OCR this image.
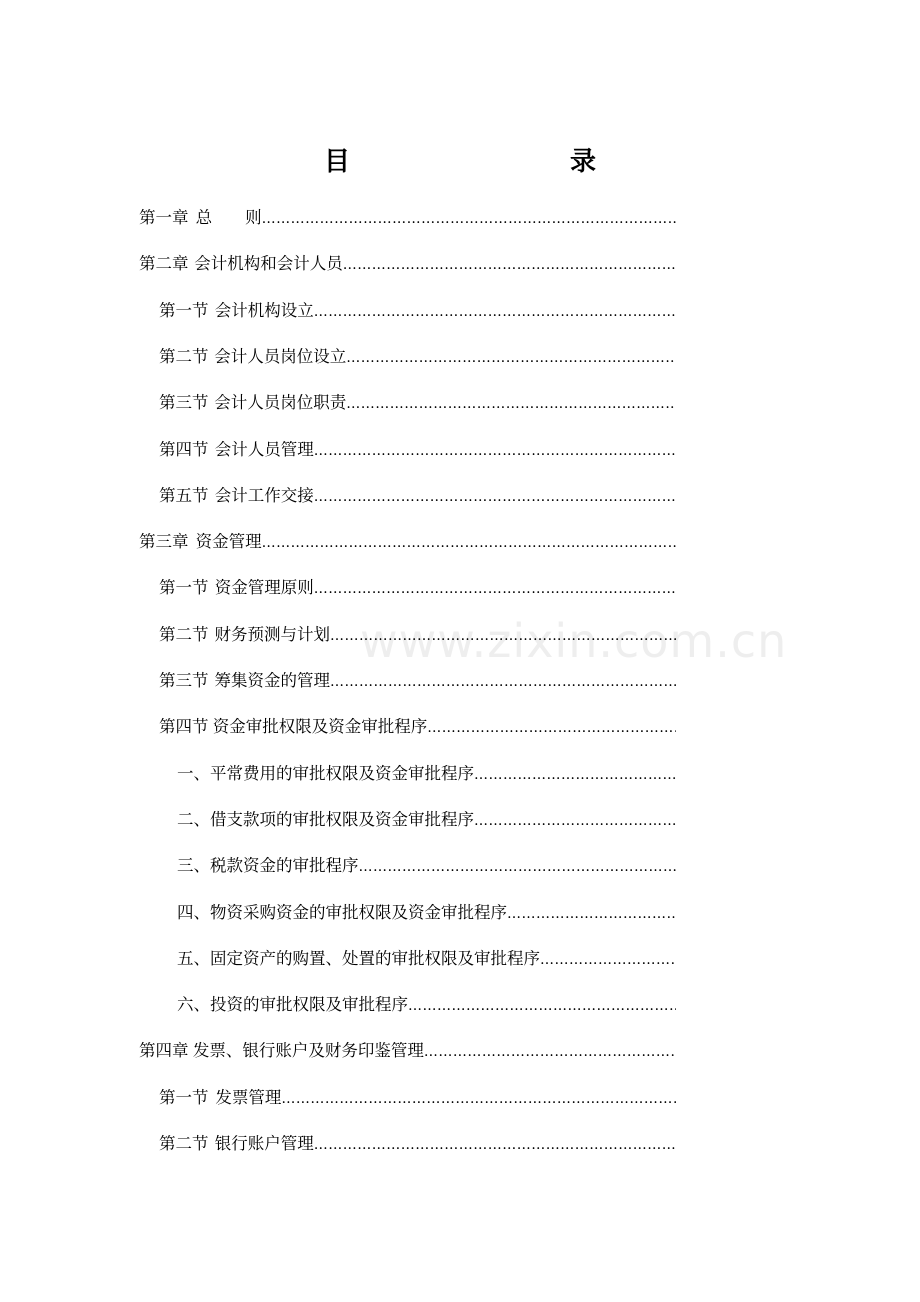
www.zixin.com.cn
目　　录
第一章 总　　则
…………………………………………………………………………………………………………………………………………………………………………………………………………
第二章 会计机构和会计人员
…………………………………………………………………………………………………………………………………………………………………………………………………………
第一节 会计机构设立
…………………………………………………………………………………………………………………………………………………………………………………………………………
第二节 会计人员岗位设立
…………………………………………………………………………………………………………………………………………………………………………………………………………
第三节 会计人员岗位职责
…………………………………………………………………………………………………………………………………………………………………………………………………………
第四节 会计人员管理
…………………………………………………………………………………………………………………………………………………………………………………………………………
第五节 会计工作交接
…………………………………………………………………………………………………………………………………………………………………………………………………………
第三章 资金管理
…………………………………………………………………………………………………………………………………………………………………………………………………………
第一节 资金管理原则
…………………………………………………………………………………………………………………………………………………………………………………………………………
第二节 财务预测与计划
…………………………………………………………………………………………………………………………………………………………………………………………………………
第三节 筹集资金的管理
…………………………………………………………………………………………………………………………………………………………………………………………………………
第四节 资金审批权限及资金审批程序
…………………………………………………………………………………………………………………………………………………………………………………………………………
一、 平常费用的审批权限及资金审批程序
…………………………………………………………………………………………………………………………………………………………………………………………………………
二、 借支款项的审批权限及资金审批程序
…………………………………………………………………………………………………………………………………………………………………………………………………………
三、 税款资金的审批程序
…………………………………………………………………………………………………………………………………………………………………………………………………………
四、 物资采购资金的审批权限及资金审批程序
…………………………………………………………………………………………………………………………………………………………………………………………………………
五、 固定资产的购置、处置的审批权限及审批程序
…………………………………………………………………………………………………………………………………………………………………………………………………………
六、 投资的审批权限及审批程序
…………………………………………………………………………………………………………………………………………………………………………………………………………
第四章 发票、银行账户及财务印鉴管理
…………………………………………………………………………………………………………………………………………………………………………………………………………
第一节 发票管理
…………………………………………………………………………………………………………………………………………………………………………………………………………
第二节 银行账户管理
…………………………………………………………………………………………………………………………………………………………………………………………………………
